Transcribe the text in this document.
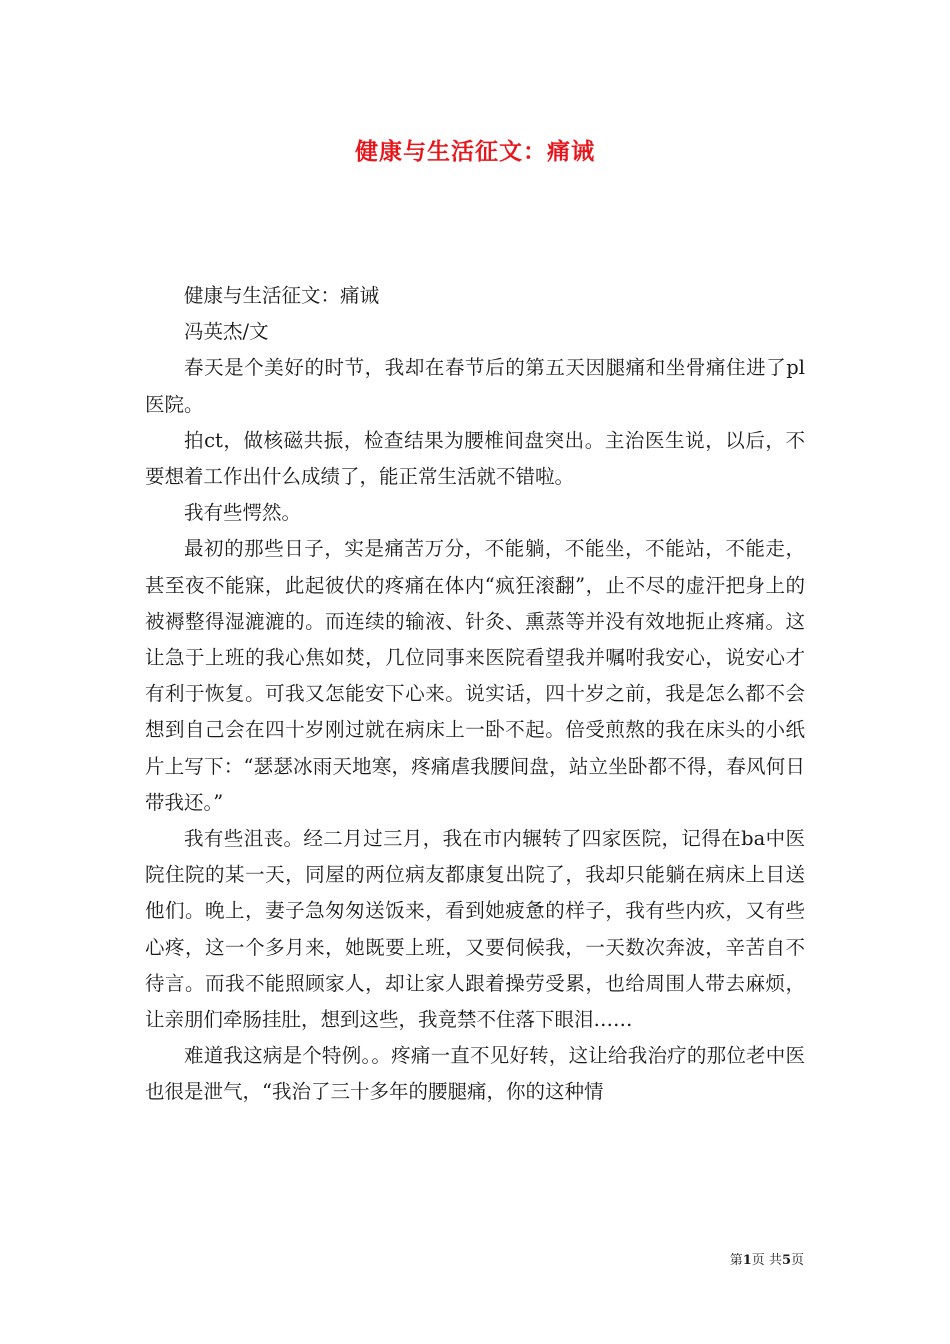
健康与生活征文：痛诫

健康与生活征文：痛诫

冯英杰/文

春天是个美好的时节，我却在春节后的第五天因腿痛和坐骨痛住进了pl医院。

拍ct，做核磁共振，检查结果为腰椎间盘突出。主治医生说，以后，不要想着工作出什么成绩了，能正常生活就不错啦。

我有些愕然。

最初的那些日子，实是痛苦万分，不能躺，不能坐，不能站，不能走，甚至夜不能寐，此起彼伏的疼痛在体内“疯狂滚翻”，止不尽的虚汗把身上的被褥整得湿漉漉的。而连续的输液、针灸、熏蒸等并没有效地扼止疼痛。这让急于上班的我心焦如焚，几位同事来医院看望我并嘱咐我安心，说安心才有利于恢复。可我又怎能安下心来。说实话，四十岁之前，我是怎么都不会想到自己会在四十岁刚过就在病床上一卧不起。倍受煎熬的我在床头的小纸片上写下：“瑟瑟冰雨天地寒，疼痛虐我腰间盘，站立坐卧都不得，春风何日带我还。”

我有些沮丧。经二月过三月，我在市内辗转了四家医院，记得在ba中医院住院的某一天，同屋的两位病友都康复出院了，我却只能躺在病床上目送他们。晚上，妻子急匆匆送饭来，看到她疲惫的样子，我有些内疚，又有些心疼，这一个多月来，她既要上班，又要伺候我，一天数次奔波，辛苦自不待言。而我不能照顾家人，却让家人跟着操劳受累，也给周围人带去麻烦，让亲朋们牵肠挂肚，想到这些，我竟禁不住落下眼泪……

难道我这病是个特例。。疼痛一直不见好转，这让给我治疗的那位老中医也很是泄气，“我治了三十多年的腰腿痛，你的这种情

第1页 共5页
